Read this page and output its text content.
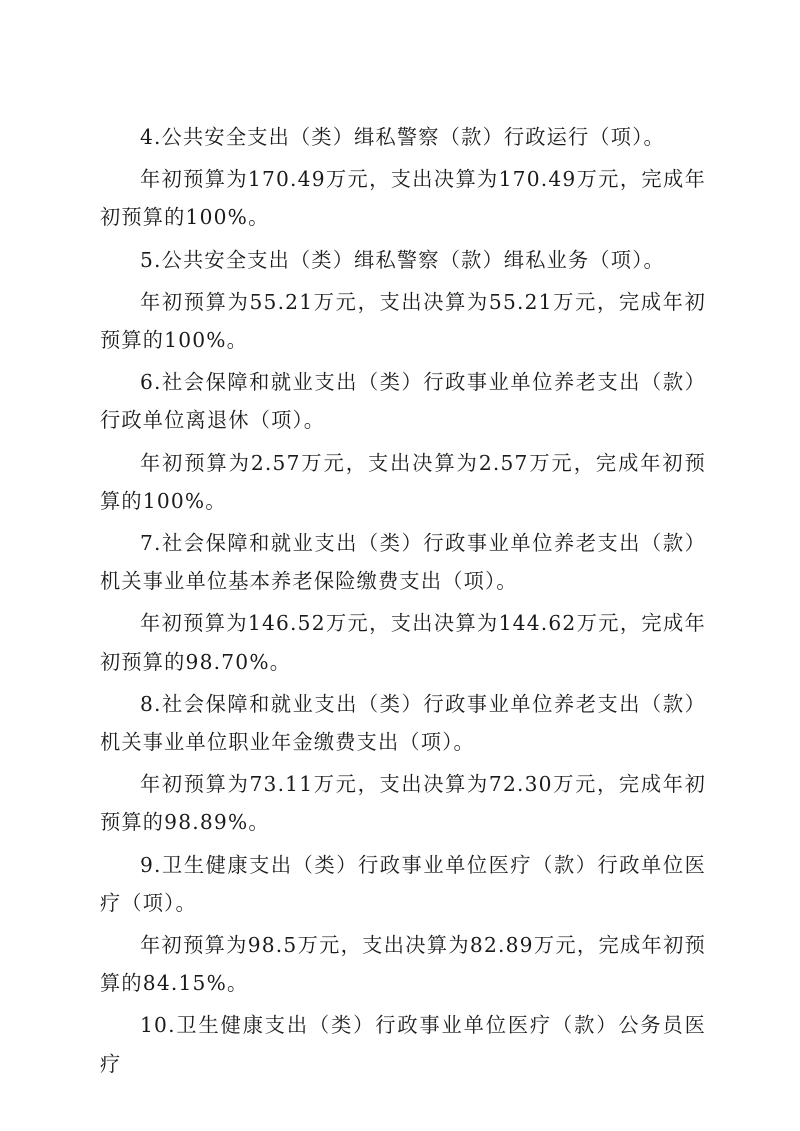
4.公共安全支出（类）缉私警察（款）行政运行（项）。

年初预算为170.49万元，支出决算为170.49万元，完成年初预算的100%。

5.公共安全支出（类）缉私警察（款）缉私业务（项）。

年初预算为55.21万元，支出决算为55.21万元，完成年初预算的100%。

6.社会保障和就业支出（类）行政事业单位养老支出（款）行政单位离退休（项）。

年初预算为2.57万元，支出决算为2.57万元，完成年初预算的100%。

7.社会保障和就业支出（类）行政事业单位养老支出（款）机关事业单位基本养老保险缴费支出（项）。

年初预算为146.52万元，支出决算为144.62万元，完成年初预算的98.70%。

8.社会保障和就业支出（类）行政事业单位养老支出（款）机关事业单位职业年金缴费支出（项）。

年初预算为73.11万元，支出决算为72.30万元，完成年初预算的98.89%。

9.卫生健康支出（类）行政事业单位医疗（款）行政单位医疗（项）。

年初预算为98.5万元，支出决算为82.89万元，完成年初预算的84.15%。

10.卫生健康支出（类）行政事业单位医疗（款）公务员医疗
